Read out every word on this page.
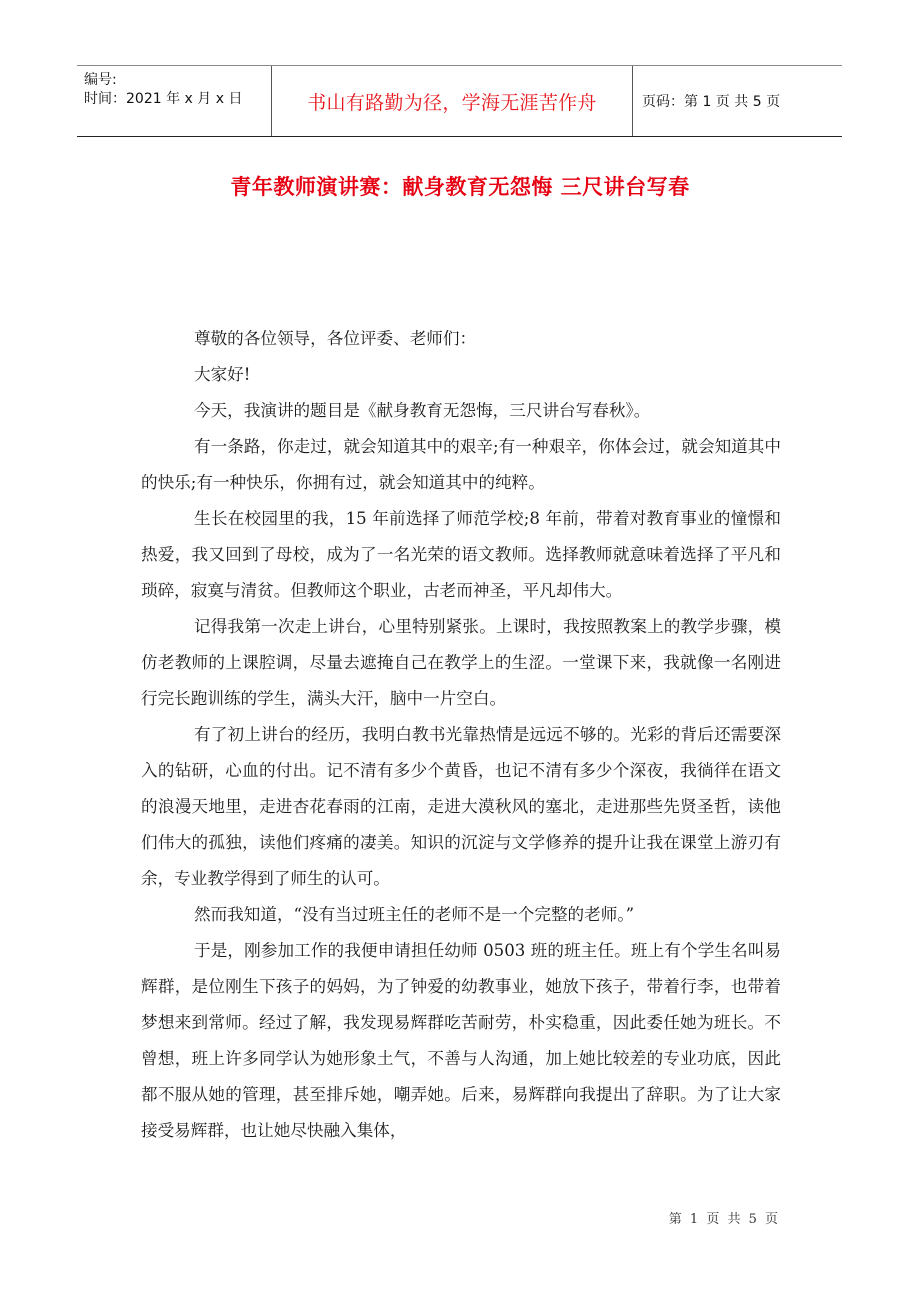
编号:
时间：2021 年 x 月 x 日	书山有路勤为径，学海无涯苦作舟	页码：第 1 页 共 5 页
青年教师演讲赛：献身教育无怨悔 三尺讲台写春

尊敬的各位领导，各位评委、老师们：

大家好!

今天，我演讲的题目是《献身教育无怨悔，三尺讲台写春秋》。

有一条路，你走过，就会知道其中的艰辛;有一种艰辛，你体会过，就会知道其中的快乐;有一种快乐，你拥有过，就会知道其中的纯粹。

生长在校园里的我，15 年前选择了师范学校;8 年前，带着对教育事业的憧憬和热爱，我又回到了母校，成为了一名光荣的语文教师。选择教师就意味着选择了平凡和琐碎，寂寞与清贫。但教师这个职业，古老而神圣，平凡却伟大。

记得我第一次走上讲台，心里特别紧张。上课时，我按照教案上的教学步骤，模仿老教师的上课腔调，尽量去遮掩自己在教学上的生涩。一堂课下来，我就像一名刚进行完长跑训练的学生，满头大汗，脑中一片空白。

有了初上讲台的经历，我明白教书光靠热情是远远不够的。光彩的背后还需要深入的钻研，心血的付出。记不清有多少个黄昏，也记不清有多少个深夜，我徜徉在语文的浪漫天地里，走进杏花春雨的江南，走进大漠秋风的塞北，走进那些先贤圣哲，读他们伟大的孤独，读他们疼痛的凄美。知识的沉淀与文学修养的提升让我在课堂上游刃有余，专业教学得到了师生的认可。

然而我知道，“没有当过班主任的老师不是一个完整的老师。”

于是，刚参加工作的我便申请担任幼师 0503 班的班主任。班上有个学生名叫易辉群，是位刚生下孩子的妈妈，为了钟爱的幼教事业，她放下孩子，带着行李，也带着梦想来到常师。经过了解，我发现易辉群吃苦耐劳，朴实稳重，因此委任她为班长。不曾想，班上许多同学认为她形象土气，不善与人沟通，加上她比较差的专业功底，因此都不服从她的管理，甚至排斥她，嘲弄她。后来，易辉群向我提出了辞职。为了让大家接受易辉群，也让她尽快融入集体，

第 1 页 共 5 页
